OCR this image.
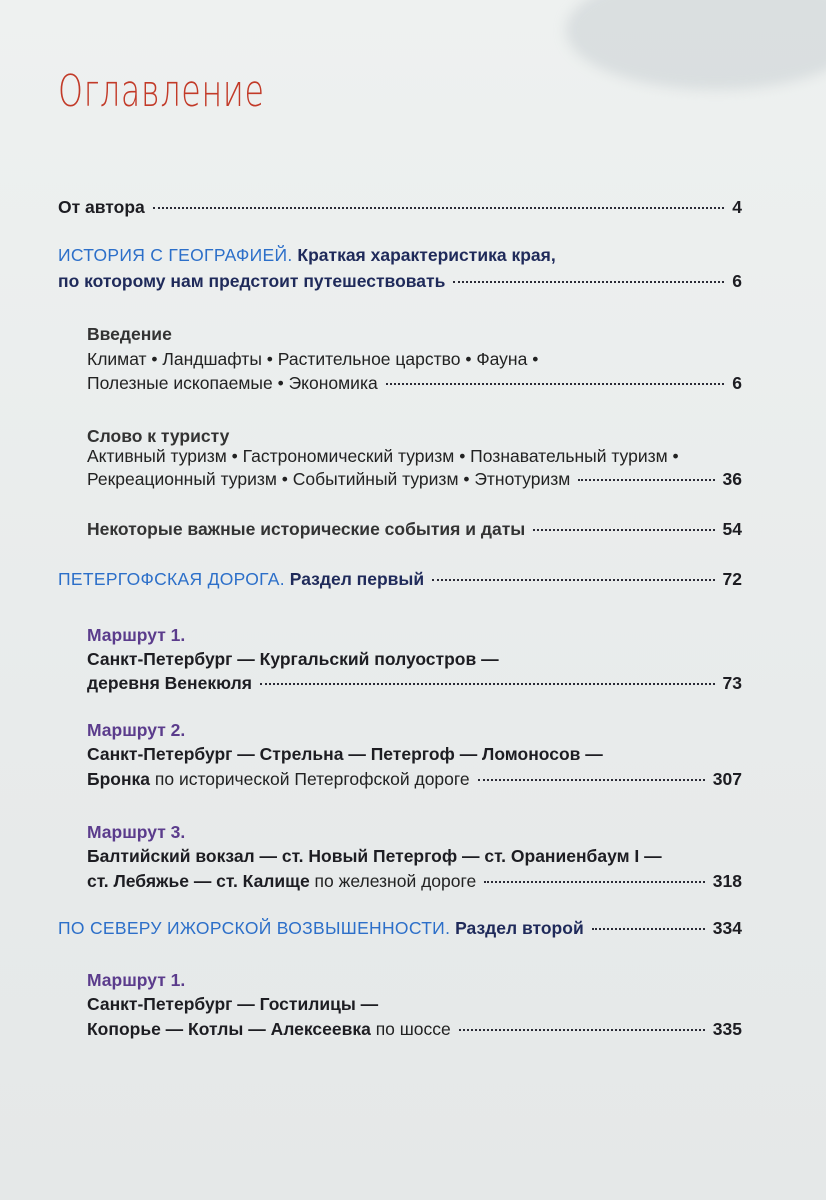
Оглавление
От автора	4
ИСТОРИЯ С ГЕОГРАФИЕЙ. Краткая характеристика края,
по которому нам предстоит путешествовать	6
Введение
Климат • Ландшафты • Растительное царство • Фауна •
Полезные ископаемые • Экономика	6
Слово к туристу
Активный туризм • Гастрономический туризм • Познавательный туризм •
Рекреационный туризм • Событийный туризм • Этнотуризм	36
Некоторые важные исторические события и даты	54
ПЕТЕРГОФСКАЯ ДОРОГА. Раздел первый	72
Маршрут 1.
Санкт-Петербург — Кургальский полуостров —
деревня Венекюля	73
Маршрут 2.
Санкт-Петербург — Стрельна — Петергоф — Ломоносов —
Бронка по исторической Петергофской дороге	307
Маршрут 3.
Балтийский вокзал — ст. Новый Петергоф — ст. Ораниенбаум I —
ст. Лебяжье — ст. Калище по железной дороге	318
ПО СЕВЕРУ ИЖОРСКОЙ ВОЗВЫШЕННОСТИ. Раздел второй	334
Маршрут 1.
Санкт-Петербург — Гостилицы —
Копорье — Котлы — Алексеевка по шоссе	335
